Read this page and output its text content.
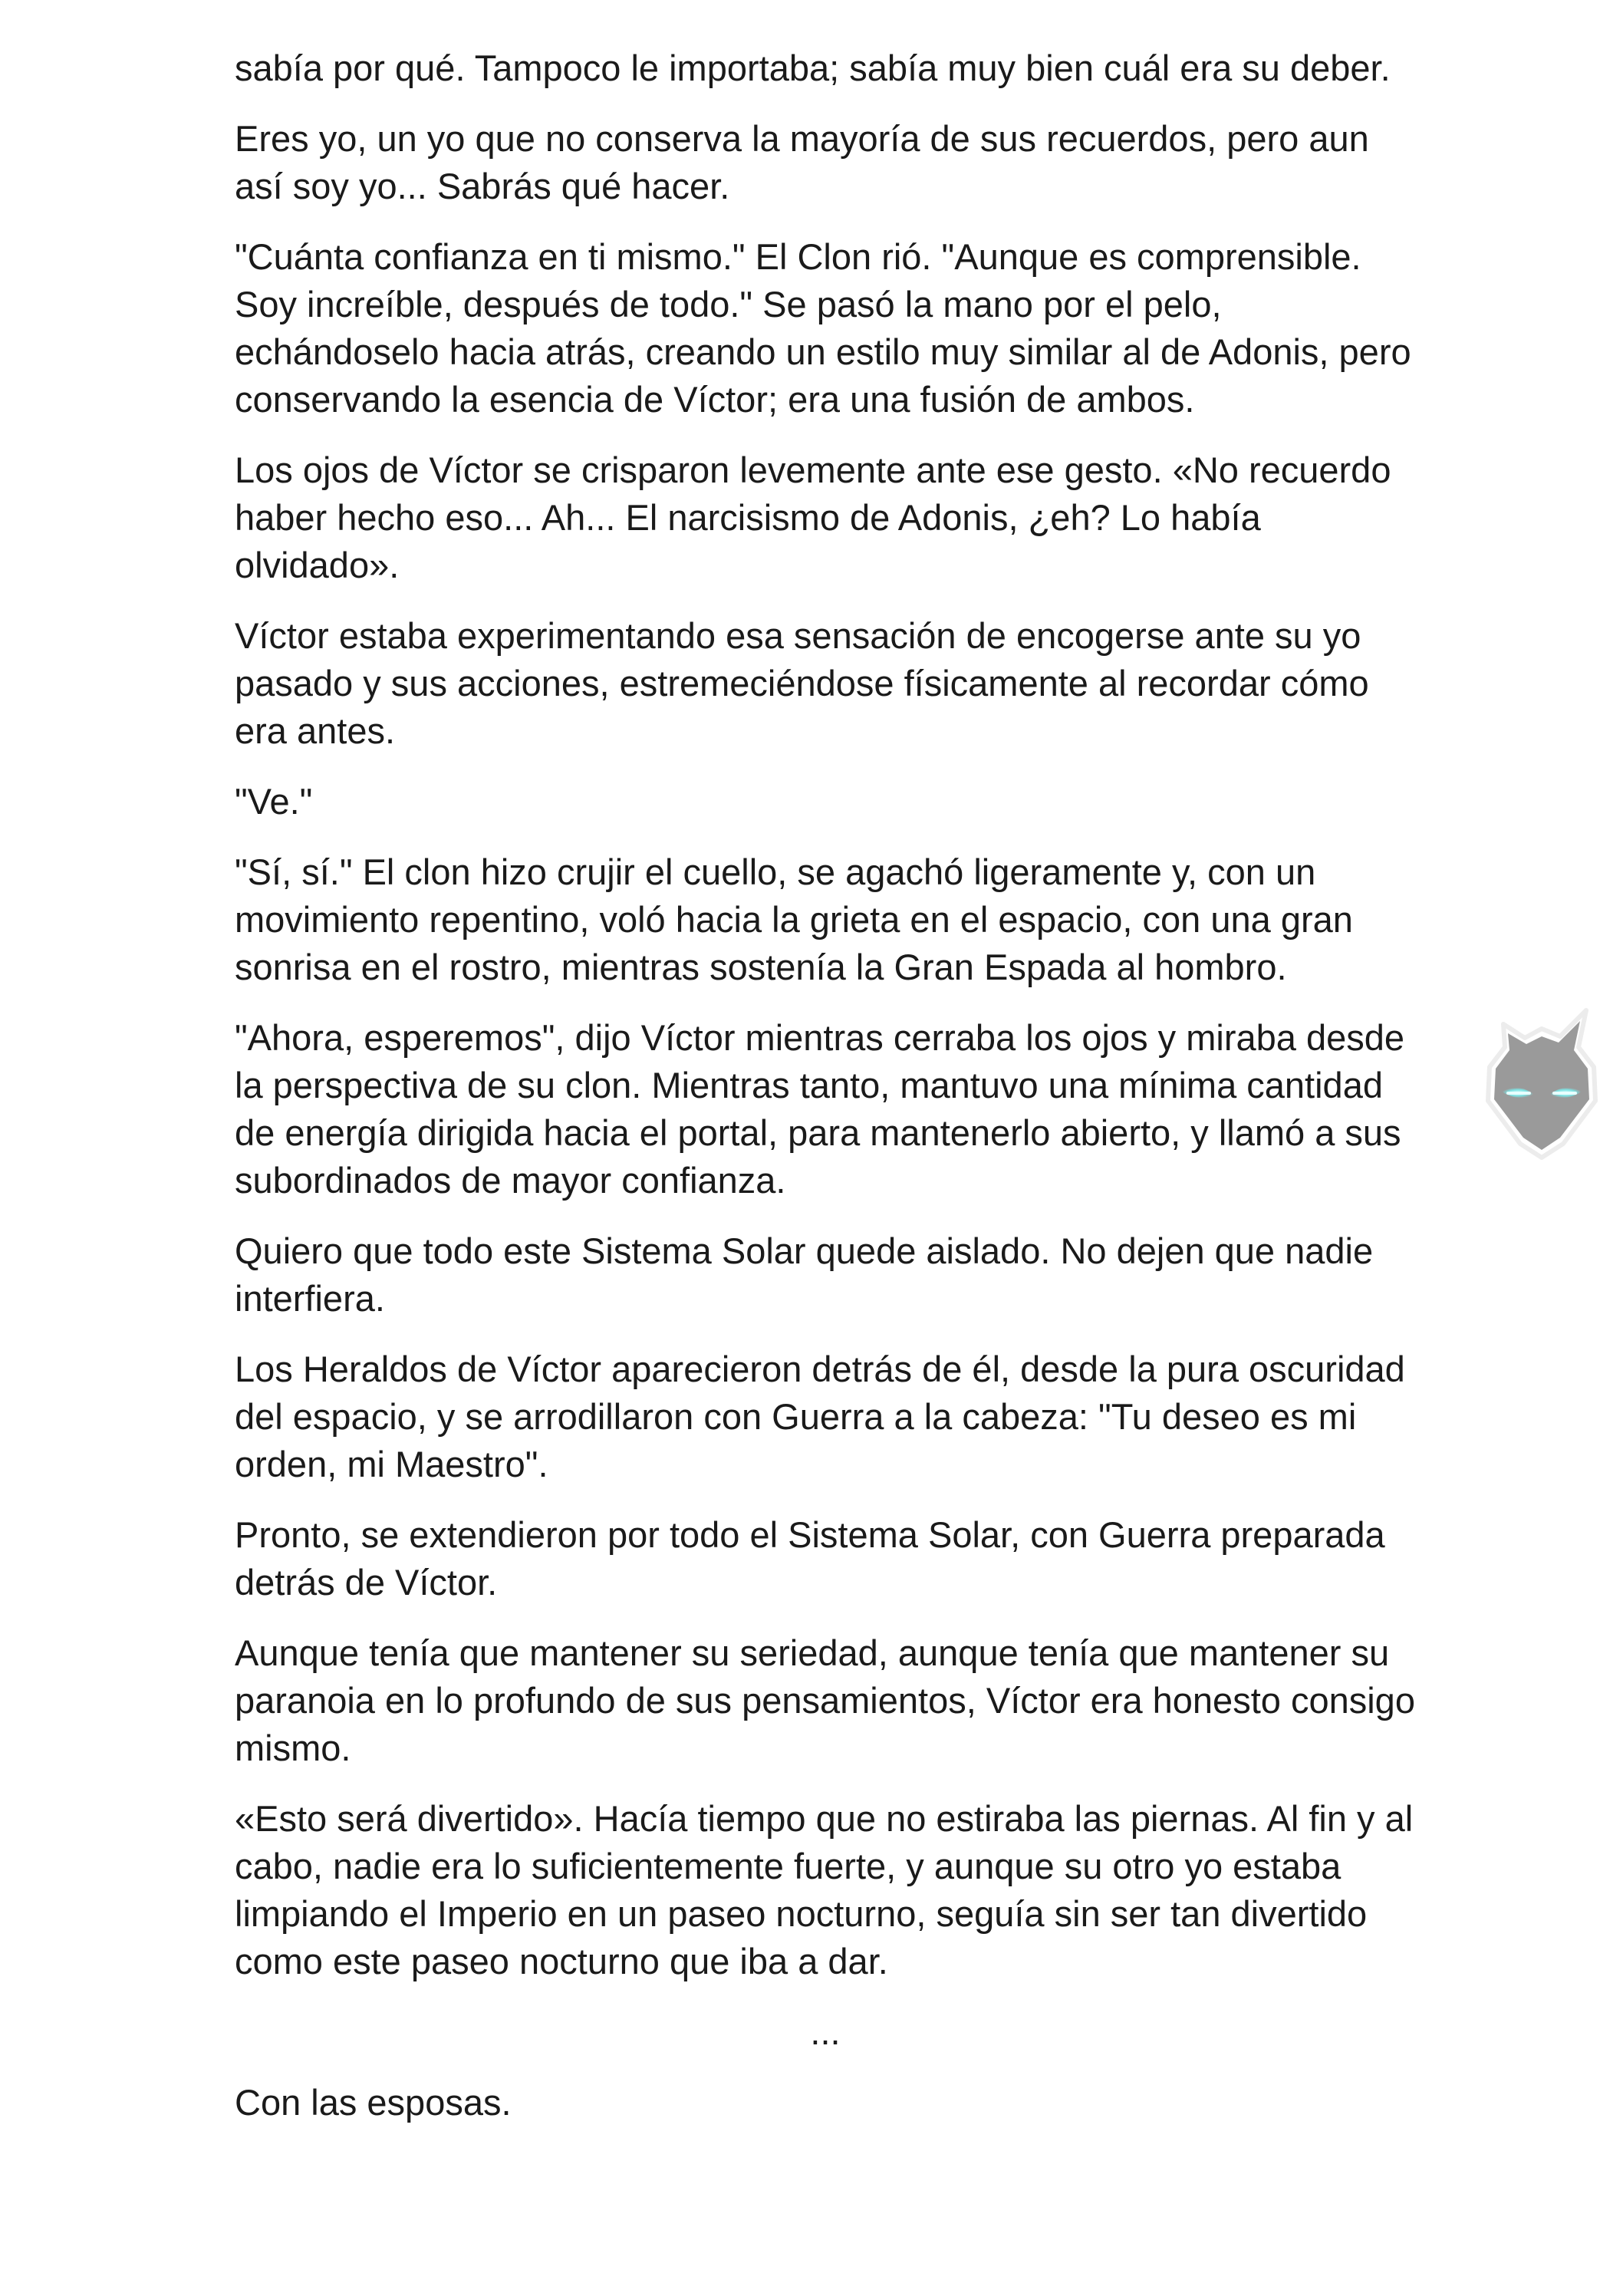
sabía por qué. Tampoco le importaba; sabía muy bien cuál era su deber.

Eres yo, un yo que no conserva la mayoría de sus recuerdos, pero aun así soy yo... Sabrás qué hacer.

"Cuánta confianza en ti mismo." El Clon rió. "Aunque es comprensible. Soy increíble, después de todo." Se pasó la mano por el pelo, echándoselo hacia atrás, creando un estilo muy similar al de Adonis, pero conservando la esencia de Víctor; era una fusión de ambos.

Los ojos de Víctor se crisparon levemente ante ese gesto. «No recuerdo haber hecho eso... Ah... El narcisismo de Adonis, ¿eh? Lo había olvidado».

Víctor estaba experimentando esa sensación de encogerse ante su yo pasado y sus acciones, estremeciéndose físicamente al recordar cómo era antes.

"Ve."

"Sí, sí." El clon hizo crujir el cuello, se agachó ligeramente y, con un movimiento repentino, voló hacia la grieta en el espacio, con una gran sonrisa en el rostro, mientras sostenía la Gran Espada al hombro.

"Ahora, esperemos", dijo Víctor mientras cerraba los ojos y miraba desde la perspectiva de su clon. Mientras tanto, mantuvo una mínima cantidad de energía dirigida hacia el portal, para mantenerlo abierto, y llamó a sus subordinados de mayor confianza.

Quiero que todo este Sistema Solar quede aislado. No dejen que nadie interfiera.

Los Heraldos de Víctor aparecieron detrás de él, desde la pura oscuridad del espacio, y se arrodillaron con Guerra a la cabeza: "Tu deseo es mi orden, mi Maestro".

Pronto, se extendieron por todo el Sistema Solar, con Guerra preparada detrás de Víctor.

Aunque tenía que mantener su seriedad, aunque tenía que mantener su paranoia en lo profundo de sus pensamientos, Víctor era honesto consigo mismo.

«Esto será divertido». Hacía tiempo que no estiraba las piernas. Al fin y al cabo, nadie era lo suficientemente fuerte, y aunque su otro yo estaba limpiando el Imperio en un paseo nocturno, seguía sin ser tan divertido como este paseo nocturno que iba a dar.

...

Con las esposas.
